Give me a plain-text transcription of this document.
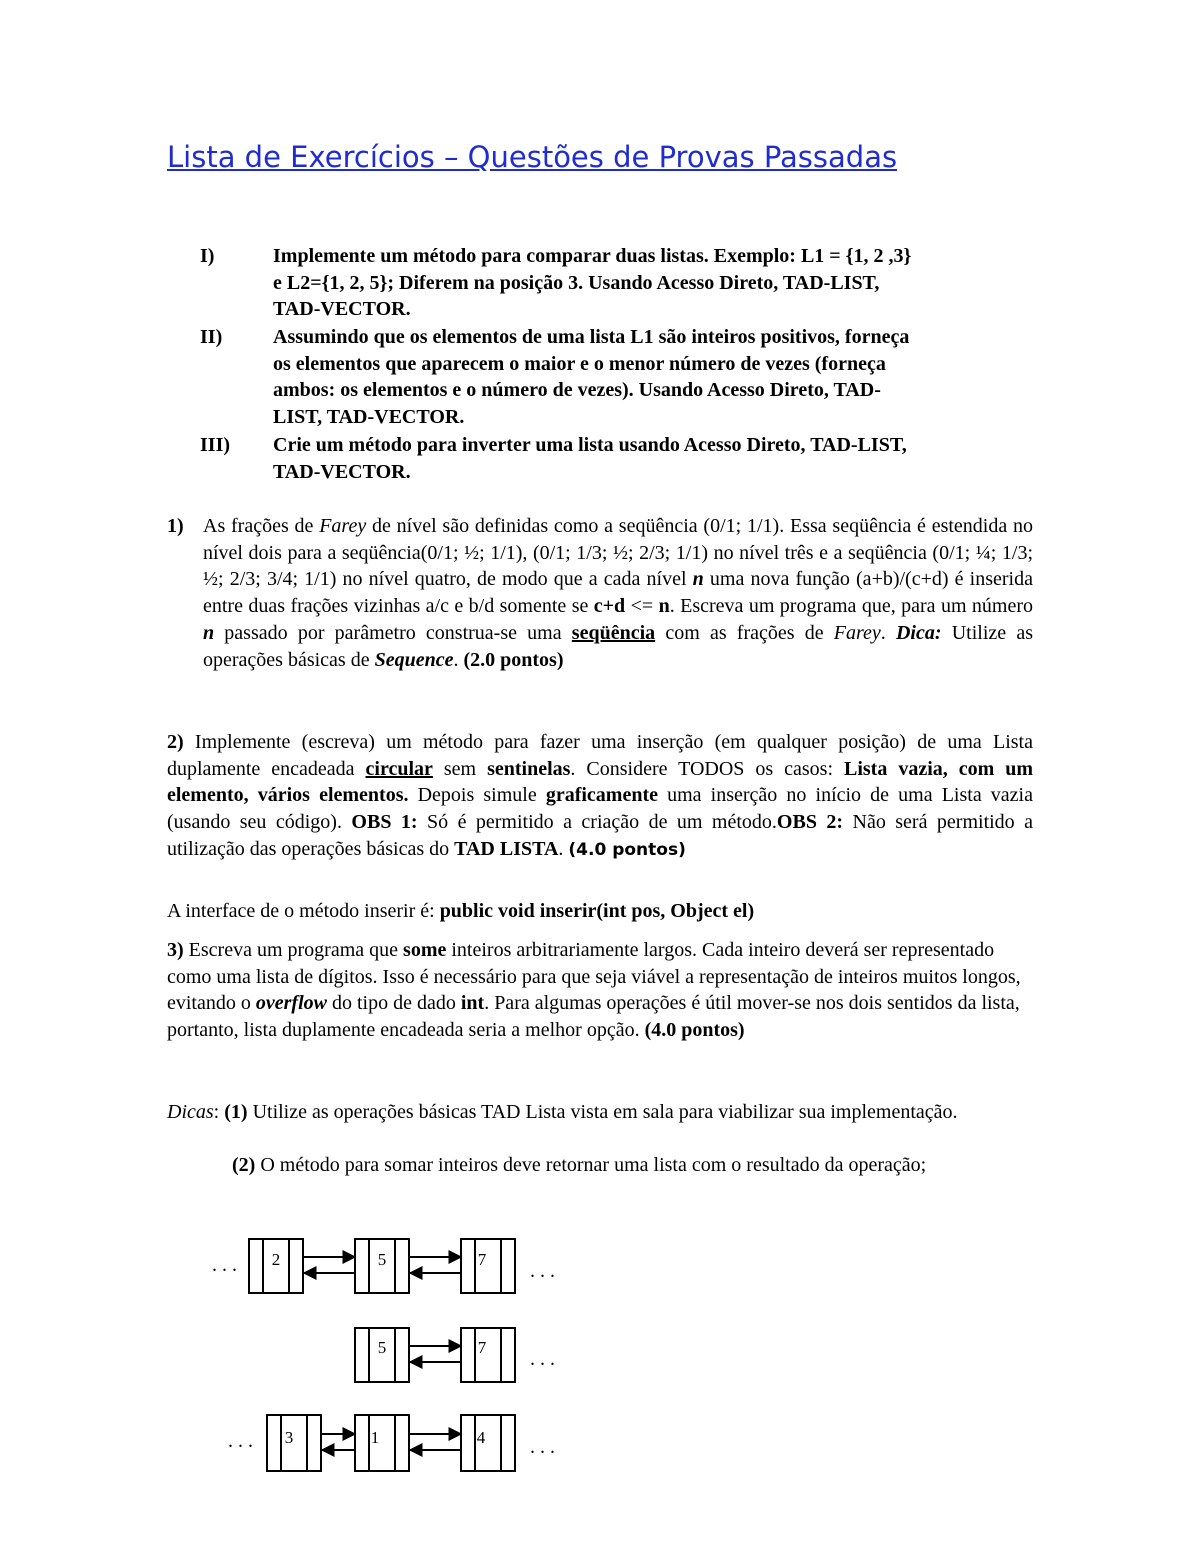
Lista de Exercícios – Questões de Provas Passadas
I)	Implemente um método para comparar duas listas. Exemplo: L1 = {1, 2 ,3}
e L2={1, 2, 5}; Diferem na posição 3. Usando Acesso Direto, TAD-LIST,
TAD-VECTOR.
II)	Assumindo que os elementos de uma lista L1 são inteiros positivos, forneça
os elementos que aparecem o maior e o menor número de vezes (forneça
ambos: os elementos e o número de vezes). Usando Acesso Direto, TAD-
LIST, TAD-VECTOR.
III) Crie um método para inverter uma lista usando Acesso Direto, TAD-LIST,
TAD-VECTOR.
1) As frações de Farey de nível são definidas como a seqüência (0/1; 1/1). Essa seqüência é estendida no nível dois para a seqüência(0/1; ½; 1/1), (0/1; 1/3; ½; 2/3; 1/1) no nível três e a seqüência (0/1; ¼; 1/3; ½; 2/3; 3/4; 1/1) no nível quatro, de modo que a cada nível n uma nova função (a+b)/(c+d) é inserida entre duas frações vizinhas a/c e b/d somente se c+d <= n. Escreva um programa que, para um número n passado por parâmetro construa-se uma seqüência com as frações de Farey. Dica: Utilize as operações básicas de Sequence. (2.0 pontos)

2) Implemente (escreva) um método para fazer uma inserção (em qualquer posição) de uma Lista duplamente encadeada circular sem sentinelas. Considere TODOS os casos: Lista vazia, com um elemento, vários elementos. Depois simule graficamente uma inserção no início de uma Lista vazia (usando seu código). OBS 1: Só é permitido a criação de um método.OBS 2: Não será permitido a utilização das operações básicas do TAD LISTA. (4.0 pontos)

A interface de o método inserir é: public void inserir(int pos, Object el)

3) Escreva um programa que some inteiros arbitrariamente largos. Cada inteiro deverá ser representado como uma lista de dígitos. Isso é necessário para que seja viável a representação de inteiros muitos longos, evitando o overflow do tipo de dado int. Para algumas operações é útil mover-se nos dois sentidos da lista, portanto, lista duplamente encadeada seria a melhor opção. (4.0 pontos)

Dicas: (1) Utilize as operações básicas TAD Lista vista em sala para viabilizar sua implementação.

(2) O método para somar inteiros deve retornar uma lista com o resultado da operação;

. . . 2	5	7
. . .
5	7
. . .
. . . 3	1	4 . . .
